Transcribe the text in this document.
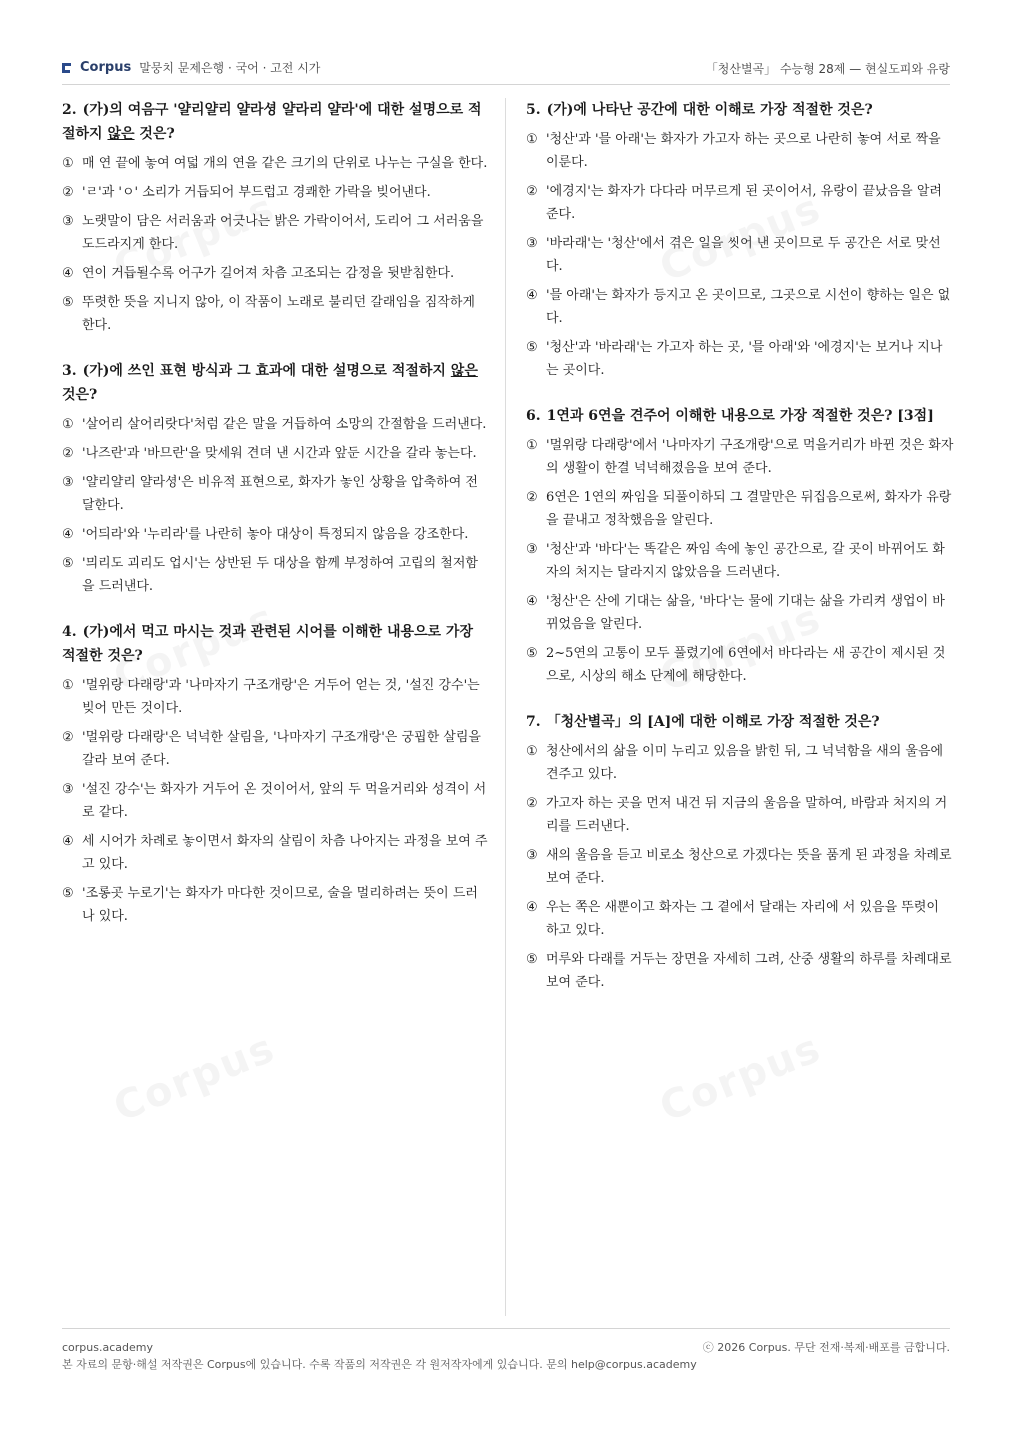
Corpus 말뭉치 문제은행 · 국어 · 고전 시가	「청산별곡」 수능형 28제 — 현실도피와 유랑
2. (가)의 여음구 '얄리얄리 얄라셩 얄라리 얄라'에 대한 설명으로 적절하지 않은 것은?
① 매 연 끝에 놓여 여덟 개의 연을 같은 크기의 단위로 나누는 구실을 한다.
② 'ㄹ'과 'ㅇ' 소리가 거듭되어 부드럽고 경쾌한 가락을 빚어낸다.
③ 노랫말이 담은 서러움과 어긋나는 밝은 가락이어서, 도리어 그 서러움을 도드라지게 한다.
④ 연이 거듭될수록 어구가 길어져 차츰 고조되는 감정을 뒷받침한다.
⑤ 뚜렷한 뜻을 지니지 않아, 이 작품이 노래로 불리던 갈래임을 짐작하게 한다.
3. (가)에 쓰인 표현 방식과 그 효과에 대한 설명으로 적절하지 않은 것은?
① '살어리 살어리랏다'처럼 같은 말을 거듭하여 소망의 간절함을 드러낸다.
② '나즈란'과 '바므란'을 맞세워 견뎌 낸 시간과 앞둔 시간을 갈라 놓는다.
③ '얄리얄리 얄라셩'은 비유적 표현으로, 화자가 놓인 상황을 압축하여 전달한다.
④ '어듸라'와 '누리라'를 나란히 놓아 대상이 특정되지 않음을 강조한다.
⑤ '믜리도 괴리도 업시'는 상반된 두 대상을 함께 부정하여 고립의 철저함을 드러낸다.
4. (가)에서 먹고 마시는 것과 관련된 시어를 이해한 내용으로 가장 적절한 것은?
① '멀위랑 다래랑'과 '나마자기 구조개랑'은 거두어 얻는 것, '설진 강수'는 빚어 만든 것이다.
② '멀위랑 다래랑'은 넉넉한 살림을, '나마자기 구조개랑'은 궁핍한 살림을 갈라 보여 준다.
③ '설진 강수'는 화자가 거두어 온 것이어서, 앞의 두 먹을거리와 성격이 서로 같다.
④ 세 시어가 차례로 놓이면서 화자의 살림이 차츰 나아지는 과정을 보여 주고 있다.
⑤ '조롱곳 누로기'는 화자가 마다한 것이므로, 술을 멀리하려는 뜻이 드러나 있다.
5. (가)에 나타난 공간에 대한 이해로 가장 적절한 것은?
① '청산'과 '믈 아래'는 화자가 가고자 하는 곳으로 나란히 놓여 서로 짝을 이룬다.
② '에경지'는 화자가 다다라 머무르게 된 곳이어서, 유랑이 끝났음을 알려 준다.
③ '바라래'는 '청산'에서 겪은 일을 씻어 낸 곳이므로 두 공간은 서로 맞선다.
④ '믈 아래'는 화자가 등지고 온 곳이므로, 그곳으로 시선이 향하는 일은 없다.
⑤ '청산'과 '바라래'는 가고자 하는 곳, '믈 아래'와 '에경지'는 보거나 지나는 곳이다.
6. 1연과 6연을 견주어 이해한 내용으로 가장 적절한 것은? [3점]
① '멀위랑 다래랑'에서 '나마자기 구조개랑'으로 먹을거리가 바뀐 것은 화자의 생활이 한결 넉넉해졌음을 보여 준다.
② 6연은 1연의 짜임을 되풀이하되 그 결말만은 뒤집음으로써, 화자가 유랑을 끝내고 정착했음을 알린다.
③ '청산'과 '바다'는 똑같은 짜임 속에 놓인 공간으로, 갈 곳이 바뀌어도 화자의 처지는 달라지지 않았음을 드러낸다.
④ '청산'은 산에 기대는 삶을, '바다'는 물에 기대는 삶을 가리켜 생업이 바뀌었음을 알린다.
⑤ 2~5연의 고통이 모두 풀렸기에 6연에서 바다라는 새 공간이 제시된 것으로, 시상의 해소 단계에 해당한다.
7. 「청산별곡」의 [A]에 대한 이해로 가장 적절한 것은?
① 청산에서의 삶을 이미 누리고 있음을 밝힌 뒤, 그 넉넉함을 새의 울음에 견주고 있다.
② 가고자 하는 곳을 먼저 내건 뒤 지금의 울음을 말하여, 바람과 처지의 거리를 드러낸다.
③ 새의 울음을 듣고 비로소 청산으로 가겠다는 뜻을 품게 된 과정을 차례로 보여 준다.
④ 우는 쪽은 새뿐이고 화자는 그 곁에서 달래는 자리에 서 있음을 뚜렷이 하고 있다.
⑤ 머루와 다래를 거두는 장면을 자세히 그려, 산중 생활의 하루를 차례대로 보여 준다.
corpus.academy	ⓒ 2026 Corpus. 무단 전재·복제·배포를 금합니다.
본 자료의 문항·해설 저작권은 Corpus에 있습니다. 수록 작품의 저작권은 각 원저작자에게 있습니다. 문의 help@corpus.academy
